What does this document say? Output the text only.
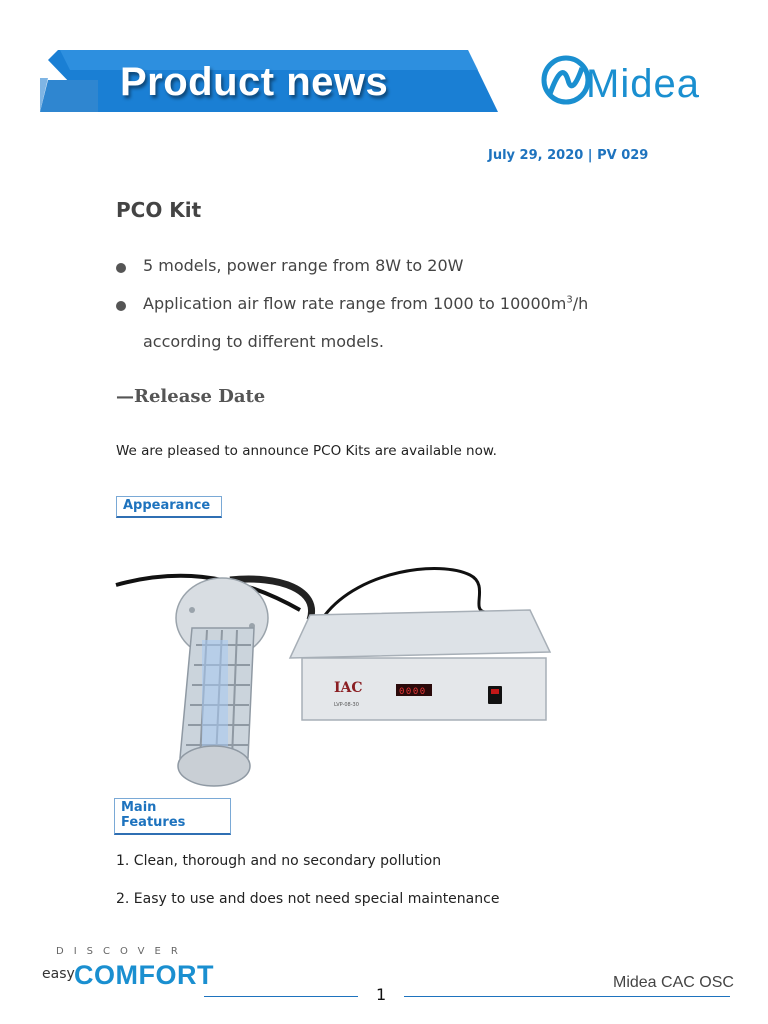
Product news	Midea
July 29, 2020 | PV 029
PCO Kit
5 models, power range from 8W to 20W
Application air flow rate range from 1000 to $10000m^3/h$
according to different models.
—Release Date
We are pleased to announce PCO Kits are available now.
Appearance
IAC
LVP-08-30
0000
Main Features
1. Clean, thorough and no secondary pollution
2. Easy to use and does not need special maintenance
DISCOVER
easy COMFORT
1
Midea CAC OSC
